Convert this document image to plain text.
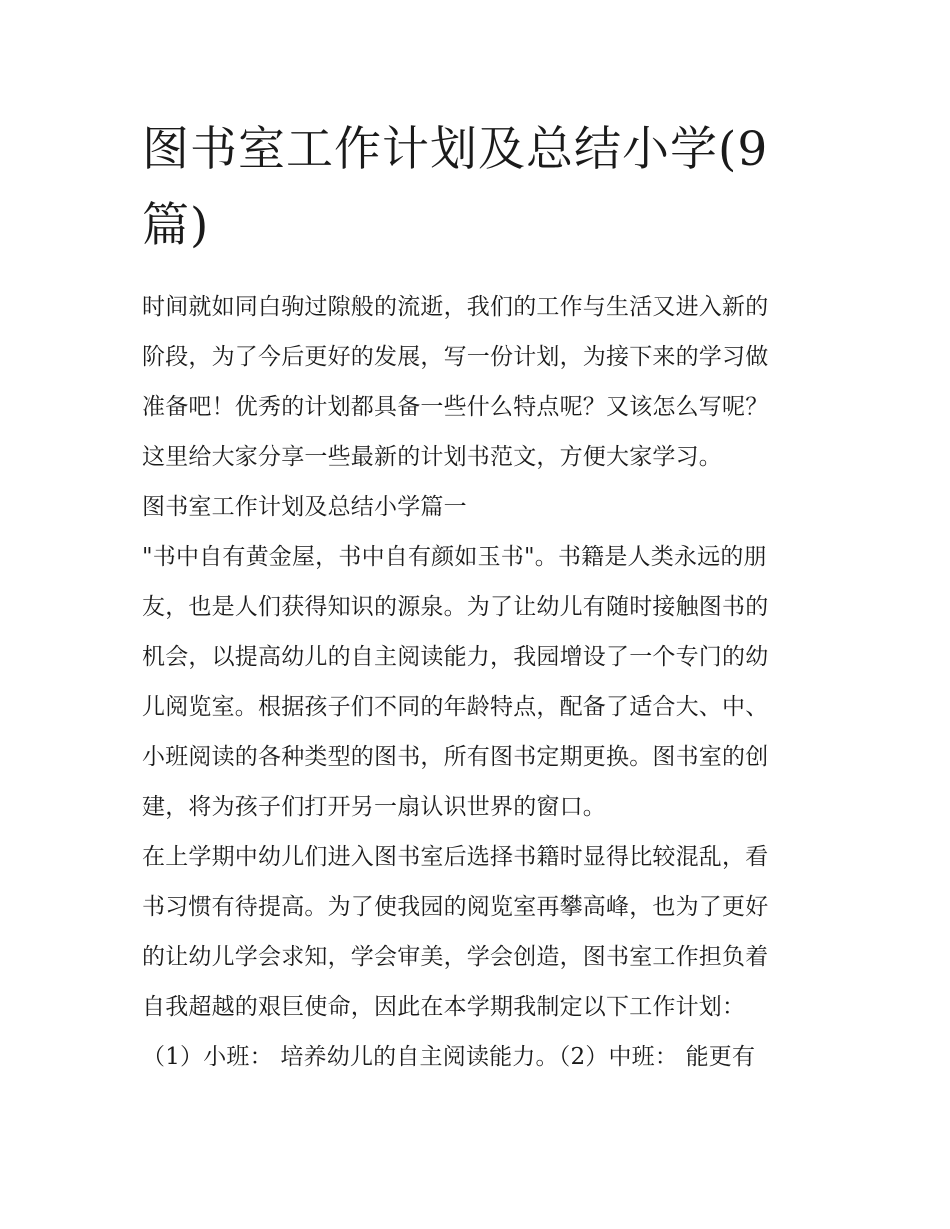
图书室工作计划及总结小学(9
篇)

时间就如同白驹过隙般的流逝，我们的工作与生活又进入新的
阶段，为了今后更好的发展，写一份计划，为接下来的学习做
准备吧！优秀的计划都具备一些什么特点呢？又该怎么写呢？
这里给大家分享一些最新的计划书范文，方便大家学习。

图书室工作计划及总结小学篇一

"书中自有黄金屋，书中自有颜如玉书"。书籍是人类永远的朋
友，也是人们获得知识的源泉。为了让幼儿有随时接触图书的
机会，以提高幼儿的自主阅读能力，我园增设了一个专门的幼
儿阅览室。根据孩子们不同的年龄特点，配备了适合大、中、
小班阅读的各种类型的图书，所有图书定期更换。图书室的创
建，将为孩子们打开另一扇认识世界的窗口。

在上学期中幼儿们进入图书室后选择书籍时显得比较混乱，看
书习惯有待提高。为了使我园的阅览室再攀高峰，也为了更好
的让幼儿学会求知，学会审美，学会创造，图书室工作担负着
自我超越的艰巨使命，因此在本学期我制定以下工作计划：
（1）小班： 培养幼儿的自主阅读能力。（2）中班： 能更有
